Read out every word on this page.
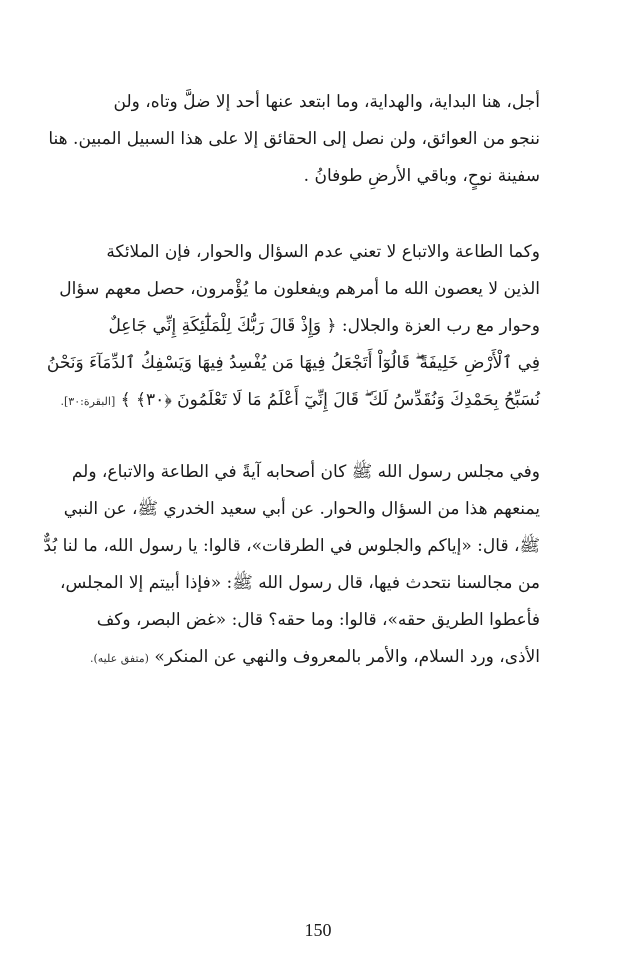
أجل، هنا البداية، والهداية، وما ابتعد عنها أحد إلا ضلَّ وتاه، ولن
ننجو من العوائق، ولن نصل إلى الحقائق إلا على هذا السبيل المبين. هنا
سفينة نوحٍ، وباقي الأرضِ طوفانُ .
وكما الطاعة والاتباع لا تعني عدم السؤال والحوار، فإن الملائكة
الذين لا يعصون الله ما أمرهم ويفعلون ما يُؤْمرون، حصل معهم سؤال
وحوار مع رب العزة والجلال: ﴿ وَإِذْ قَالَ رَبُّكَ لِلْمَلَٰٓئِكَةِ إِنِّي جَاعِلٌ
فِي ٱلْأَرْضِ خَلِيفَةً ۖ قَالُوٓاْ أَتَجْعَلُ فِيهَا مَن يُفْسِدُ فِيهَا وَيَسْفِكُ ٱلدِّمَآءَ وَنَحْنُ
نُسَبِّحُ بِحَمْدِكَ وَنُقَدِّسُ لَكَ ۖ قَالَ إِنِّيٓ أَعْلَمُ مَا لَا تَعْلَمُونَ ﴿٣٠﴾ ﴾ [البقرة:٣٠].
وفي مجلس رسول الله ﷺ كان أصحابه آيةً في الطاعة والاتباع، ولم
يمنعهم هذا من السؤال والحوار. عن أبي سعيد الخدري ﷺ، عن النبي
ﷺ، قال: «إياكم والجلوس في الطرقات»، قالوا: يا رسول الله، ما لنا بُدٌّ
من مجالسنا نتحدث فيها، قال رسول الله ﷺ: «فإذا أبيتم إلا المجلس،
فأعطوا الطريق حقه»، قالوا: وما حقه؟ قال: «غض البصر، وكف
الأذى، ورد السلام، والأمر بالمعروف والنهي عن المنكر» (متفق عليه).
150
